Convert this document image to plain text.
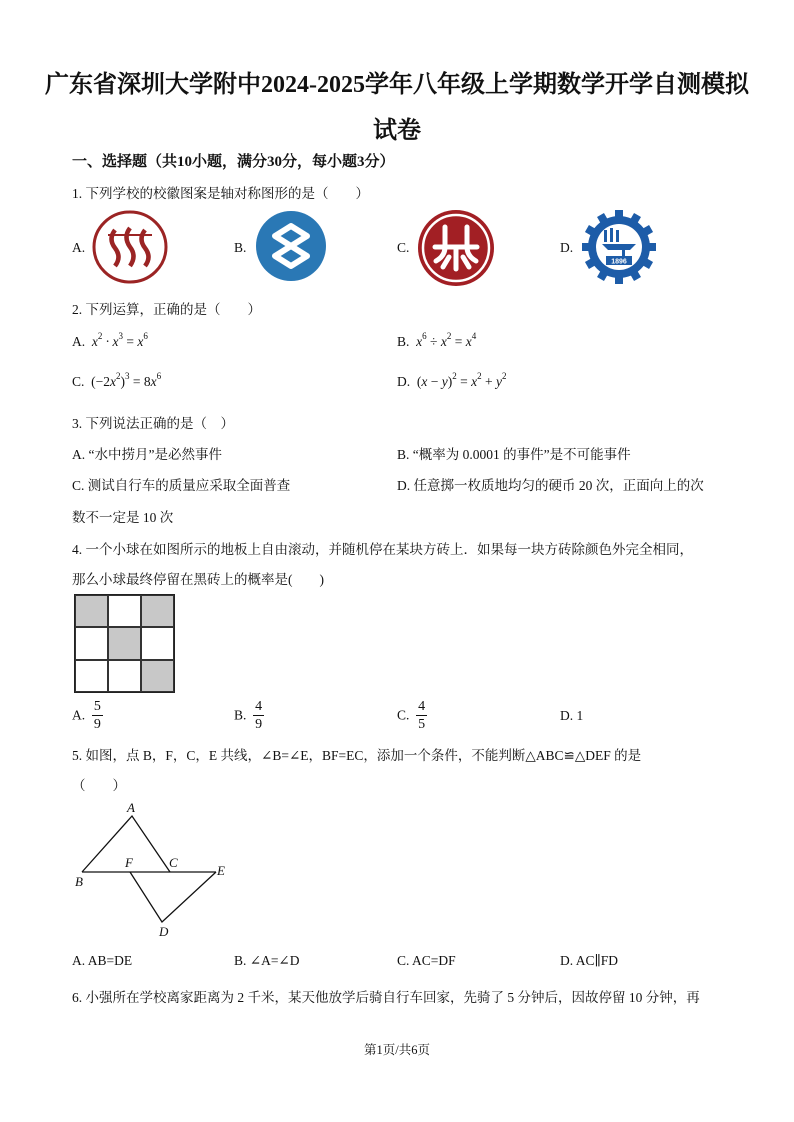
广东省深圳大学附中2024-2025学年八年级上学期数学开学自测模拟
试卷
一、选择题（共10小题，满分30分，每小题3分）
1. 下列学校的校徽图案是轴对称图形的是（　　）
A.	B.	C.	D.
1896
2. 下列运算，正确的是（　　）
A. $x^2 \cdot x^3 = x^6$	B. $x^6 \div x^2 = x^4$
C. $(-2x^2)^3 = 8x^6$	D. $(x - y)^2 = x^2 + y^2$
3. 下列说法正确的是（　）
A. “水中捞月”是必然事件	B. “概率为 0.0001 的事件”是不可能事件
C. 测试自行车的质量应采取全面普查	D. 任意掷一枚质地均匀的硬币 20 次，正面向上的次
数不一定是 10 次
4. 一个小球在如图所示的地板上自由滚动，并随机停在某块方砖上．如果每一块方砖除颜色外完全相同，
那么小球最终停留在黑砖上的概率是(　　)
A. $\frac{5}{9}$	B. $\frac{4}{9}$	C. $\frac{4}{5}$	D. 1
5. 如图，点 B，F，C，E 共线，∠B=∠E，BF=EC，添加一个条件，不能判断△ABC≌△DEF 的是
（　　）
A
F	C
B
E
D
A. AB=DE	B. ∠A=∠D	C. AC=DF	D. AC∥FD
6. 小强所在学校离家距离为 2 千米，某天他放学后骑自行车回家，先骑了 5 分钟后，因故停留 10 分钟，再
第1页/共6页
